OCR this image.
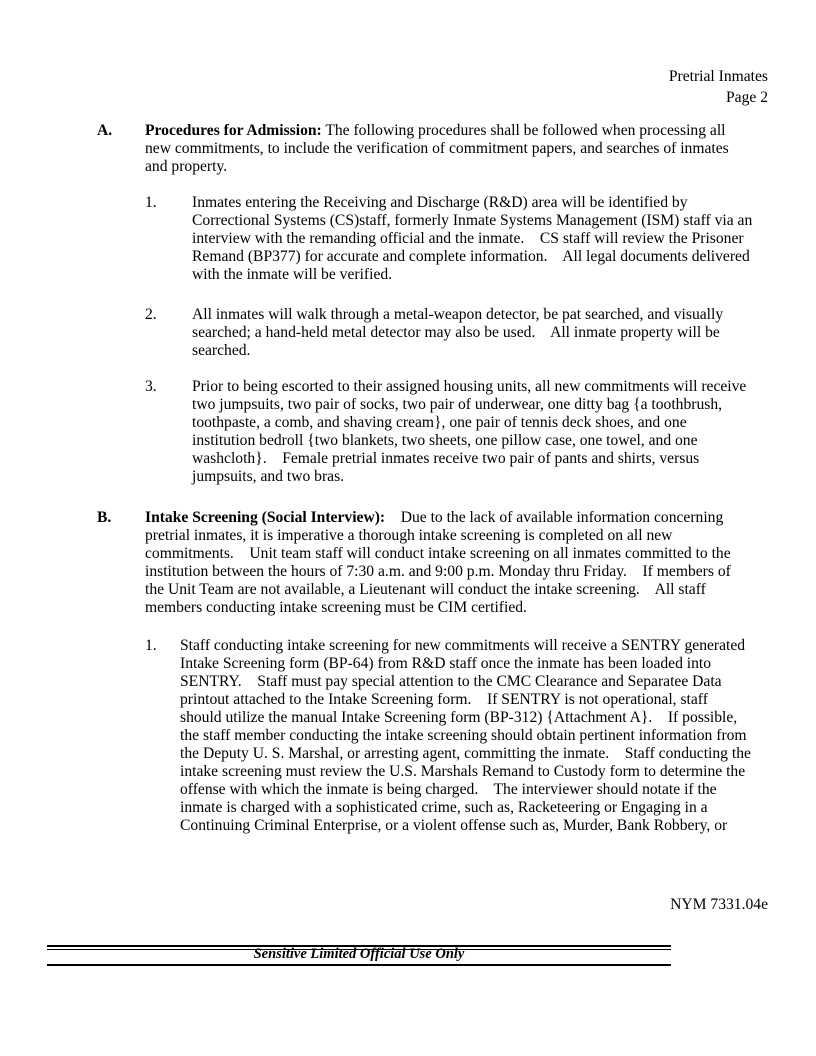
Pretrial Inmates
Page 2
A. Procedures for Admission: The following procedures shall be followed when processing all
new commitments, to include the verification of commitment papers, and searches of inmates
and property.
1. Inmates entering the Receiving and Discharge (R&D) area will be identified by
Correctional Systems (CS)staff, formerly Inmate Systems Management (ISM) staff via an
interview with the remanding official and the inmate.    CS staff will review the Prisoner
Remand (BP377) for accurate and complete information.    All legal documents delivered
with the inmate will be verified.
2. All inmates will walk through a metal-weapon detector, be pat searched, and visually
searched; a hand-held metal detector may also be used.    All inmate property will be
searched.
3. Prior to being escorted to their assigned housing units, all new commitments will receive
two jumpsuits, two pair of socks, two pair of underwear, one ditty bag {a toothbrush,
toothpaste, a comb, and shaving cream}, one pair of tennis deck shoes, and one
institution bedroll {two blankets, two sheets, one pillow case, one towel, and one
washcloth}.    Female pretrial inmates receive two pair of pants and shirts, versus
jumpsuits, and two bras.
B. Intake Screening (Social Interview):    Due to the lack of available information concerning
pretrial inmates, it is imperative a thorough intake screening is completed on all new
commitments.    Unit team staff will conduct intake screening on all inmates committed to the
institution between the hours of 7:30 a.m. and 9:00 p.m. Monday thru Friday.    If members of
the Unit Team are not available, a Lieutenant will conduct the intake screening.    All staff
members conducting intake screening must be CIM certified.
1. Staff conducting intake screening for new commitments will receive a SENTRY generated
Intake Screening form (BP-64) from R&D staff once the inmate has been loaded into
SENTRY.    Staff must pay special attention to the CMC Clearance and Separatee Data
printout attached to the Intake Screening form.    If SENTRY is not operational, staff
should utilize the manual Intake Screening form (BP-312) {Attachment A}.    If possible,
the staff member conducting the intake screening should obtain pertinent information from
the Deputy U. S. Marshal, or arresting agent, committing the inmate.    Staff conducting the
intake screening must review the U.S. Marshals Remand to Custody form to determine the
offense with which the inmate is being charged.    The interviewer should notate if the
inmate is charged with a sophisticated crime, such as, Racketeering or Engaging in a
Continuing Criminal Enterprise, or a violent offense such as, Murder, Bank Robbery, or
NYM 7331.04e
Sensitive Limited Official Use Only
